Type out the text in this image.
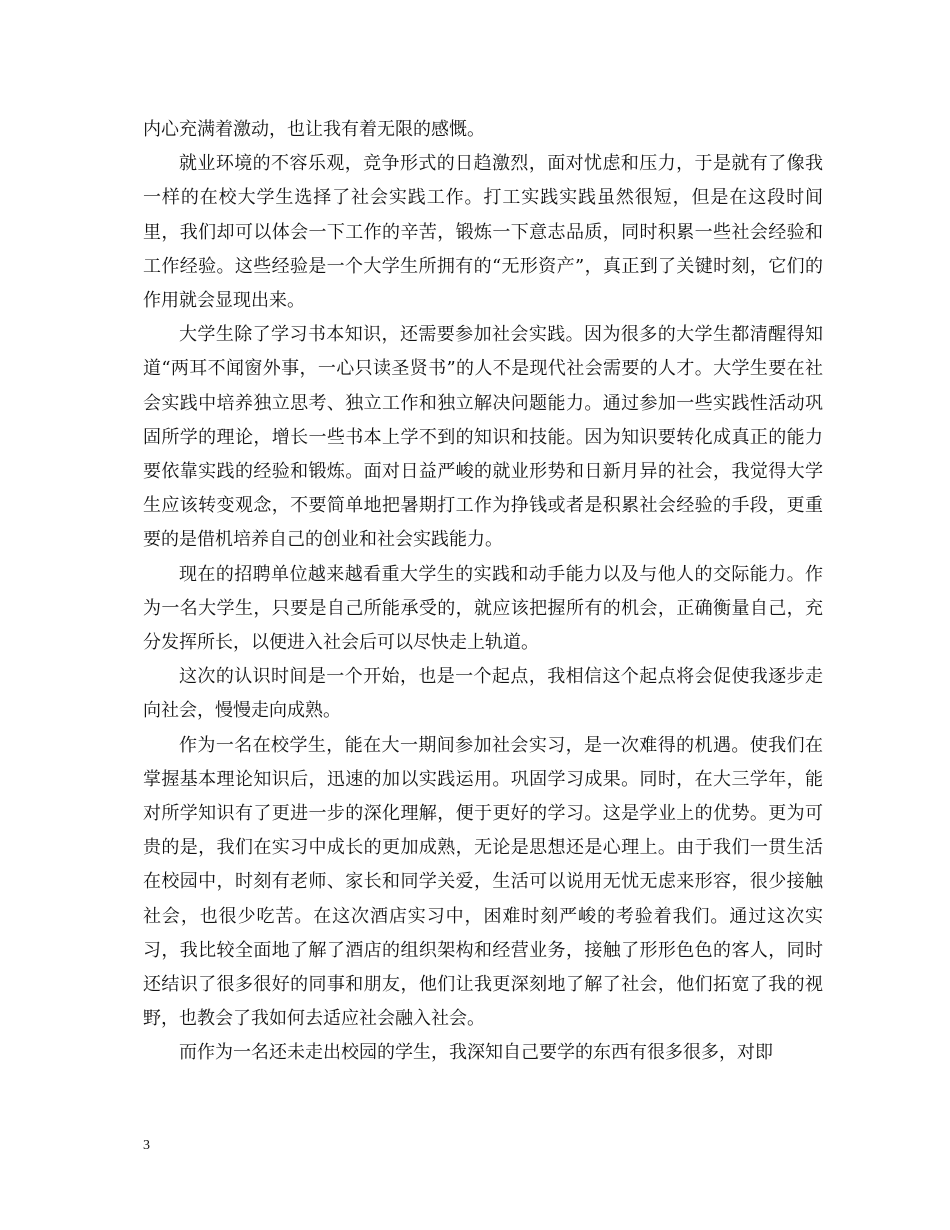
内心充满着激动，也让我有着无限的感慨。

就业环境的不容乐观，竞争形式的日趋激烈，面对忧虑和压力，于是就有了像我一样的在校大学生选择了社会实践工作。打工实践实践虽然很短，但是在这段时间里，我们却可以体会一下工作的辛苦，锻炼一下意志品质，同时积累一些社会经验和工作经验。这些经验是一个大学生所拥有的“无形资产”，真正到了关键时刻，它们的作用就会显现出来。

大学生除了学习书本知识，还需要参加社会实践。因为很多的大学生都清醒得知道“两耳不闻窗外事，一心只读圣贤书”的人不是现代社会需要的人才。大学生要在社会实践中培养独立思考、独立工作和独立解决问题能力。通过参加一些实践性活动巩固所学的理论，增长一些书本上学不到的知识和技能。因为知识要转化成真正的能力要依靠实践的经验和锻炼。面对日益严峻的就业形势和日新月异的社会，我觉得大学生应该转变观念，不要简单地把暑期打工作为挣钱或者是积累社会经验的手段，更重要的是借机培养自己的创业和社会实践能力。

现在的招聘单位越来越看重大学生的实践和动手能力以及与他人的交际能力。作为一名大学生，只要是自己所能承受的，就应该把握所有的机会，正确衡量自己，充分发挥所长，以便进入社会后可以尽快走上轨道。

这次的认识时间是一个开始，也是一个起点，我相信这个起点将会促使我逐步走向社会，慢慢走向成熟。

作为一名在校学生，能在大一期间参加社会实习，是一次难得的机遇。使我们在掌握基本理论知识后，迅速的加以实践运用。巩固学习成果。同时，在大三学年，能对所学知识有了更进一步的深化理解，便于更好的学习。这是学业上的优势。更为可贵的是，我们在实习中成长的更加成熟，无论是思想还是心理上。由于我们一贯生活在校园中，时刻有老师、家长和同学关爱，生活可以说用无忧无虑来形容，很少接触社会，也很少吃苦。在这次酒店实习中，困难时刻严峻的考验着我们。通过这次实习，我比较全面地了解了酒店的组织架构和经营业务，接触了形形色色的客人，同时还结识了很多很好的同事和朋友，他们让我更深刻地了解了社会，他们拓宽了我的视野，也教会了我如何去适应社会融入社会。

而作为一名还未走出校园的学生，我深知自己要学的东西有很多很多，对即

3
